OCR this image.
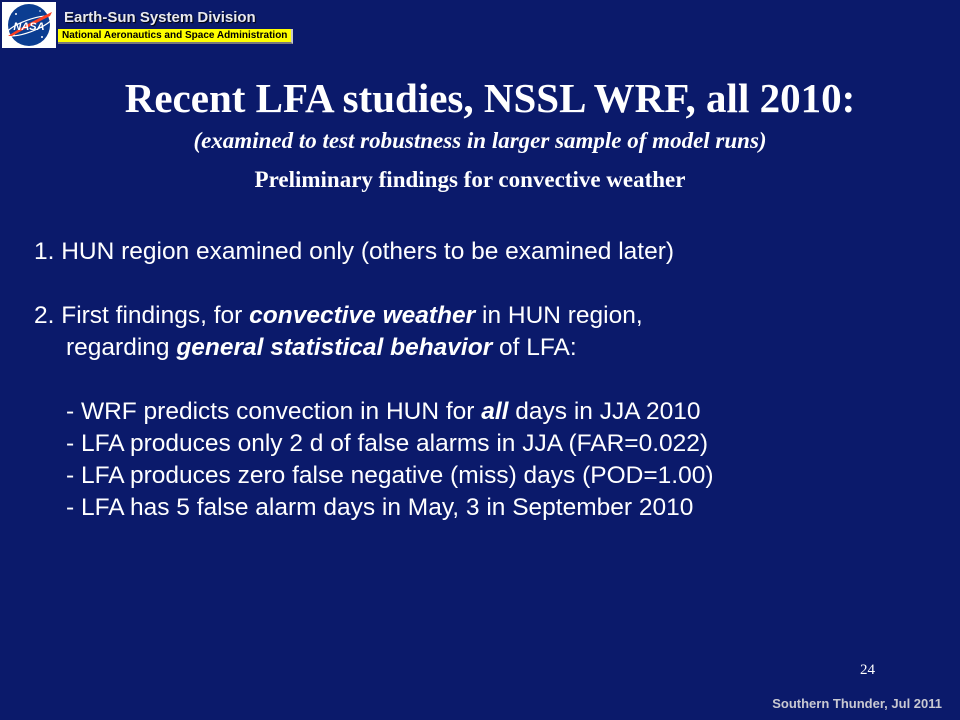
NASA
Earth-Sun System Division
National Aeronautics and Space Administration
Recent LFA studies, NSSL WRF, all 2010:
(examined to test robustness in larger sample of model runs)
Preliminary findings for convective weather
1. HUN region examined only (others to be examined later)
2. First findings, for convective weather in HUN region,
regarding general statistical behavior of LFA:
- WRF predicts convection in HUN for all days in JJA 2010
- LFA produces only 2 d of false alarms in JJA (FAR=0.022)
- LFA produces zero false negative (miss) days (POD=1.00)
- LFA has 5 false alarm days in May, 3 in September 2010
24
Southern Thunder, Jul 2011
